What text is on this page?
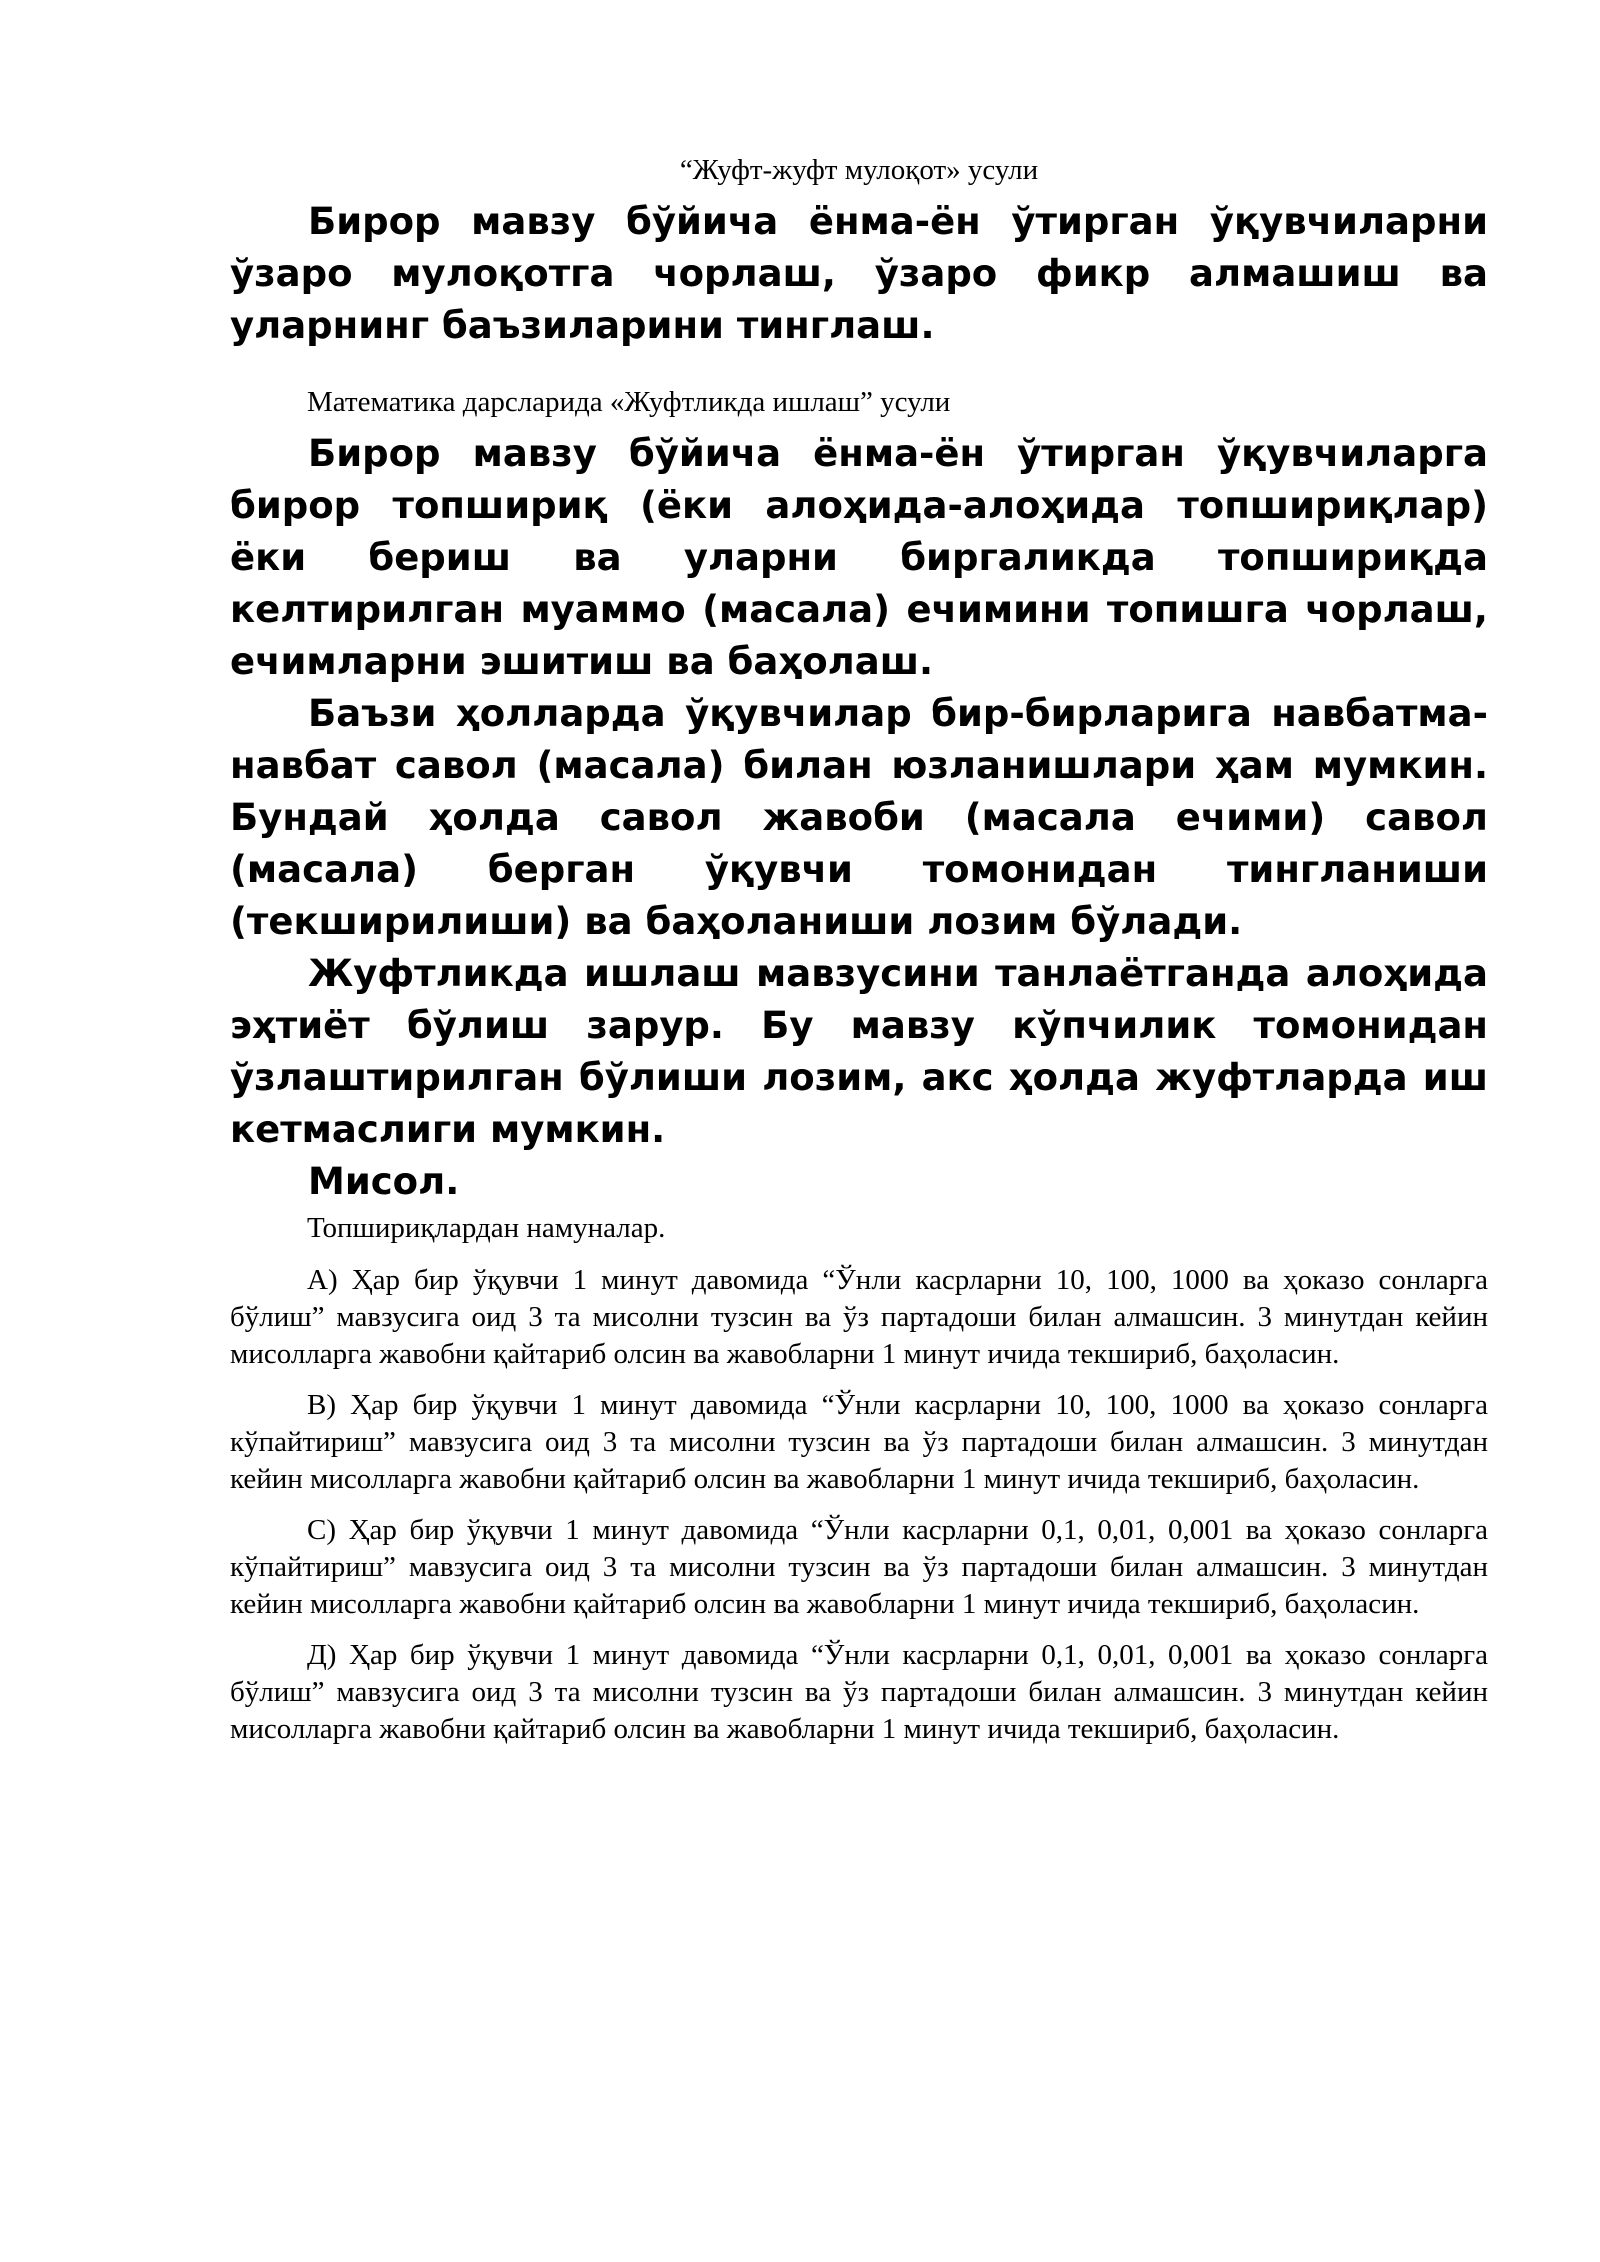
“Жуфт-жуфт мулоқот» усули

Бирор мавзу бўйича ёнма-ён ўтирган ўқувчиларни ўзаро мулоқотга чорлаш, ўзаро фикр алмашиш ва уларнинг баъзиларини тинглаш.

Математика дарсларида «Жуфтликда ишлаш” усули

Бирор мавзу бўйича ёнма-ён ўтирган ўқувчиларга бирор топшириқ (ёки алоҳида-алоҳида топшириқлар) ёки бериш ва уларни биргаликда топшириқда келтирилган муаммо (масала) ечимини топишга чорлаш, ечимларни эшитиш ва баҳолаш.

Баъзи ҳолларда ўқувчилар бир-бирларига навбатма-навбат савол (масала) билан юзланишлари ҳам мумкин. Бундай ҳолда савол жавоби (масала ечими) савол (масала) берган ўқувчи томонидан тингланиши (текширилиши) ва баҳоланиши лозим бўлади.

Жуфтликда ишлаш мавзусини танлаётганда алоҳида эҳтиёт бўлиш зарур. Бу мавзу кўпчилик томонидан ўзлаштирилган бўлиши лозим, акс ҳолда жуфтларда иш кетмаслиги мумкин.

Мисол.

Топшириқлардан намуналар.

А) Ҳар бир ўқувчи 1 минут давомида “Ўнли касрларни 10, 100, 1000 ва ҳоказо сонларга бўлиш” мавзусига оид 3 та мисолни тузсин ва ўз партадоши билан алмашсин. 3 минутдан кейин мисолларга жавобни қайтариб олсин ва жавобларни 1 минут ичида текшириб, баҳоласин.

В) Ҳар бир ўқувчи 1 минут давомида “Ўнли касрларни 10, 100, 1000 ва ҳоказо сонларга кўпайтириш” мавзусига оид 3 та мисолни тузсин ва ўз партадоши билан алмашсин. 3 минутдан кейин мисолларга жавобни қайтариб олсин ва жавобларни 1 минут ичида текшириб, баҳоласин.

С) Ҳар бир ўқувчи 1 минут давомида “Ўнли касрларни 0,1, 0,01, 0,001 ва ҳоказо сонларга кўпайтириш” мавзусига оид 3 та мисолни тузсин ва ўз партадоши билан алмашсин. 3 минутдан кейин мисолларга жавобни қайтариб олсин ва жавобларни 1 минут ичида текшириб, баҳоласин.

Д) Ҳар бир ўқувчи 1 минут давомида “Ўнли касрларни 0,1, 0,01, 0,001 ва ҳоказо сонларга бўлиш” мавзусига оид 3 та мисолни тузсин ва ўз партадоши билан алмашсин. 3 минутдан кейин мисолларга жавобни қайтариб олсин ва жавобларни 1 минут ичида текшириб, баҳоласин.
